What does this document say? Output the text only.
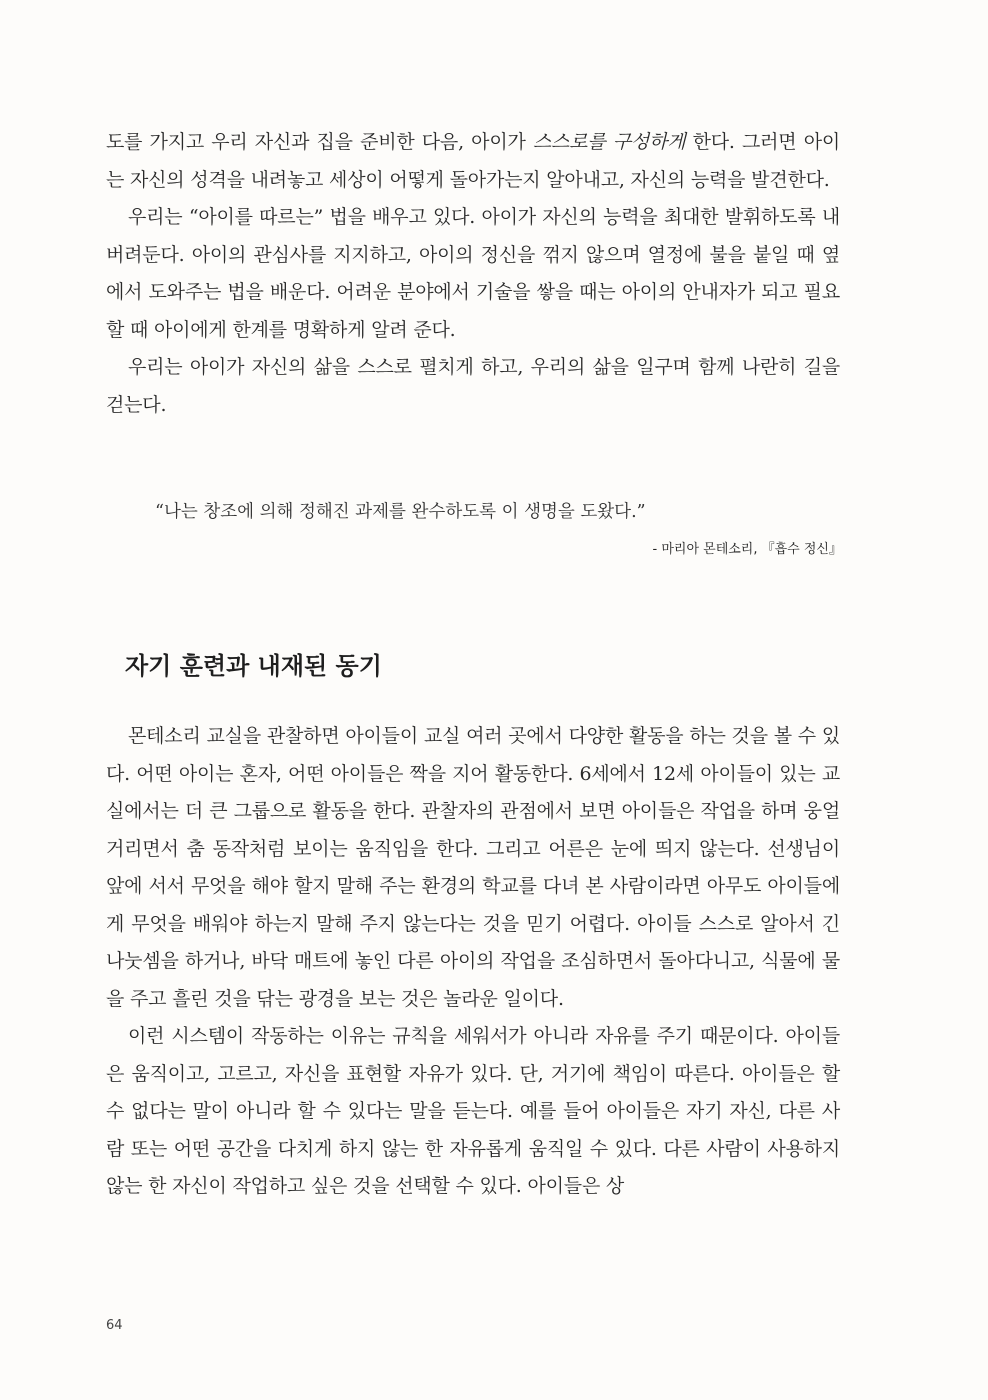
도를 가지고 우리 자신과 집을 준비한 다음, 아이가 스스로를 구성하게 한다. 그러면 아이는 자신의 성격을 내려놓고 세상이 어떻게 돌아가는지 알아내고, 자신의 능력을 발견한다.

우리는 “아이를 따르는” 법을 배우고 있다. 아이가 자신의 능력을 최대한 발휘하도록 내버려둔다. 아이의 관심사를 지지하고, 아이의 정신을 꺾지 않으며 열정에 불을 붙일 때 옆에서 도와주는 법을 배운다. 어려운 분야에서 기술을 쌓을 때는 아이의 안내자가 되고 필요할 때 아이에게 한계를 명확하게 알려 준다.

우리는 아이가 자신의 삶을 스스로 펼치게 하고, 우리의 삶을 일구며 함께 나란히 길을 걷는다.

“나는 창조에 의해 정해진 과제를 완수하도록 이 생명을 도왔다.”

- 마리아 몬테소리, 『흡수 정신』

자기 훈련과 내재된 동기

몬테소리 교실을 관찰하면 아이들이 교실 여러 곳에서 다양한 활동을 하는 것을 볼 수 있다. 어떤 아이는 혼자, 어떤 아이들은 짝을 지어 활동한다. 6세에서 12세 아이들이 있는 교실에서는 더 큰 그룹으로 활동을 한다. 관찰자의 관점에서 보면 아이들은 작업을 하며 웅얼거리면서 춤 동작처럼 보이는 움직임을 한다. 그리고 어른은 눈에 띄지 않는다. 선생님이 앞에 서서 무엇을 해야 할지 말해 주는 환경의 학교를 다녀 본 사람이라면 아무도 아이들에게 무엇을 배워야 하는지 말해 주지 않는다는 것을 믿기 어렵다. 아이들 스스로 알아서 긴 나눗셈을 하거나, 바닥 매트에 놓인 다른 아이의 작업을 조심하면서 돌아다니고, 식물에 물을 주고 흘린 것을 닦는 광경을 보는 것은 놀라운 일이다.

이런 시스템이 작동하는 이유는 규칙을 세워서가 아니라 자유를 주기 때문이다. 아이들은 움직이고, 고르고, 자신을 표현할 자유가 있다. 단, 거기에 책임이 따른다. 아이들은 할 수 없다는 말이 아니라 할 수 있다는 말을 듣는다. 예를 들어 아이들은 자기 자신, 다른 사람 또는 어떤 공간을 다치게 하지 않는 한 자유롭게 움직일 수 있다. 다른 사람이 사용하지 않는 한 자신이 작업하고 싶은 것을 선택할 수 있다. 아이들은 상

64
